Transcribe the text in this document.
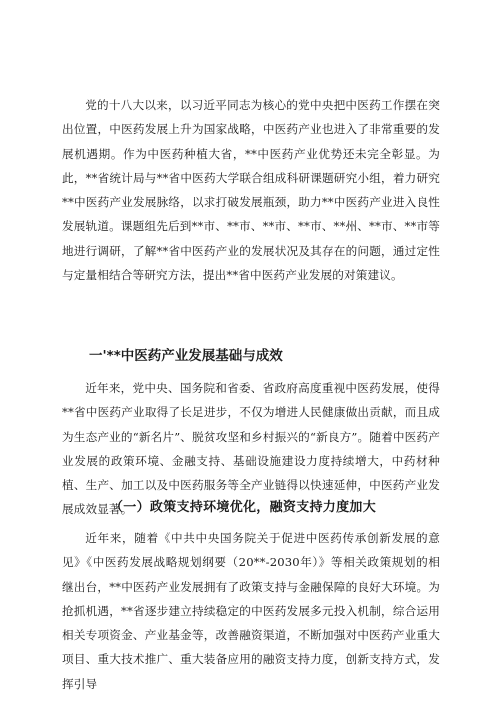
党的十八大以来，以习近平同志为核心的党中央把中医药工作摆在突出位置，中医药发展上升为国家战略，中医药产业也进入了非常重要的发展机遇期。作为中医药种植大省，**中医药产业优势还未完全彰显。为此，**省统计局与**省中医药大学联合组成科研课题研究小组，着力研究**中医药产业发展脉络，以求打破发展瓶颈，助力**中医药产业进入良性发展轨道。课题组先后到**市、**市、**市、**市、**州、**市、**市等地进行调研，了解**省中医药产业的发展状况及其存在的问题，通过定性与定量相结合等研究方法，提出**省中医药产业发展的对策建议。

一'**中医药产业发展基础与成效

近年来，党中央、国务院和省委、省政府高度重视中医药发展，使得**省中医药产业取得了长足进步，不仅为增进人民健康做出贡献，而且成为生态产业的“新名片”、脱贫攻坚和乡村振兴的“新良方”。随着中医药产业发展的政策环境、金融支持、基础设施建设力度持续增大，中药材种植、生产、加工以及中医药服务等全产业链得以快速延伸，中医药产业发展成效显著。

（一）政策支持环境优化，融资支持力度加大

近年来，随着《中共中央国务院关于促进中医药传承创新发展的意见》《中医药发展战略规划纲要（20**-2030年）》等相关政策规划的相继出台，**中医药产业发展拥有了政策支持与金融保障的良好大环境。为抢抓机遇，**省逐步建立持续稳定的中医药发展多元投入机制，综合运用相关专项资金、产业基金等，改善融资渠道，不断加强对中医药产业重大项目、重大技术推广、重大装备应用的融资支持力度，创新支持方式，发挥引导
